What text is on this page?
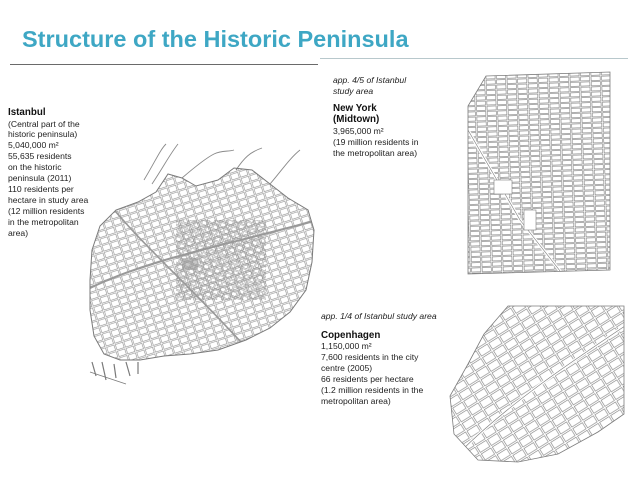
Structure of the Historic Peninsula
Istanbul
(Central part of the
historic peninsula)
5,040,000 m²
55,635 residents
on the historic
peninsula (2011)
110 residents per
hectare in study area
(12 million residents
in the metropolitan
area)
app. 4/5 of Istanbul
study area
New York
(Midtown)
3,965,000 m²
(19 million residents in
the metropolitan area)
app. 1/4 of Istanbul study area
Copenhagen
1,150,000 m²
7,600 residents in the city
centre (2005)
66 residents per hectare
(1.2 million residents in the
metropolitan area)
